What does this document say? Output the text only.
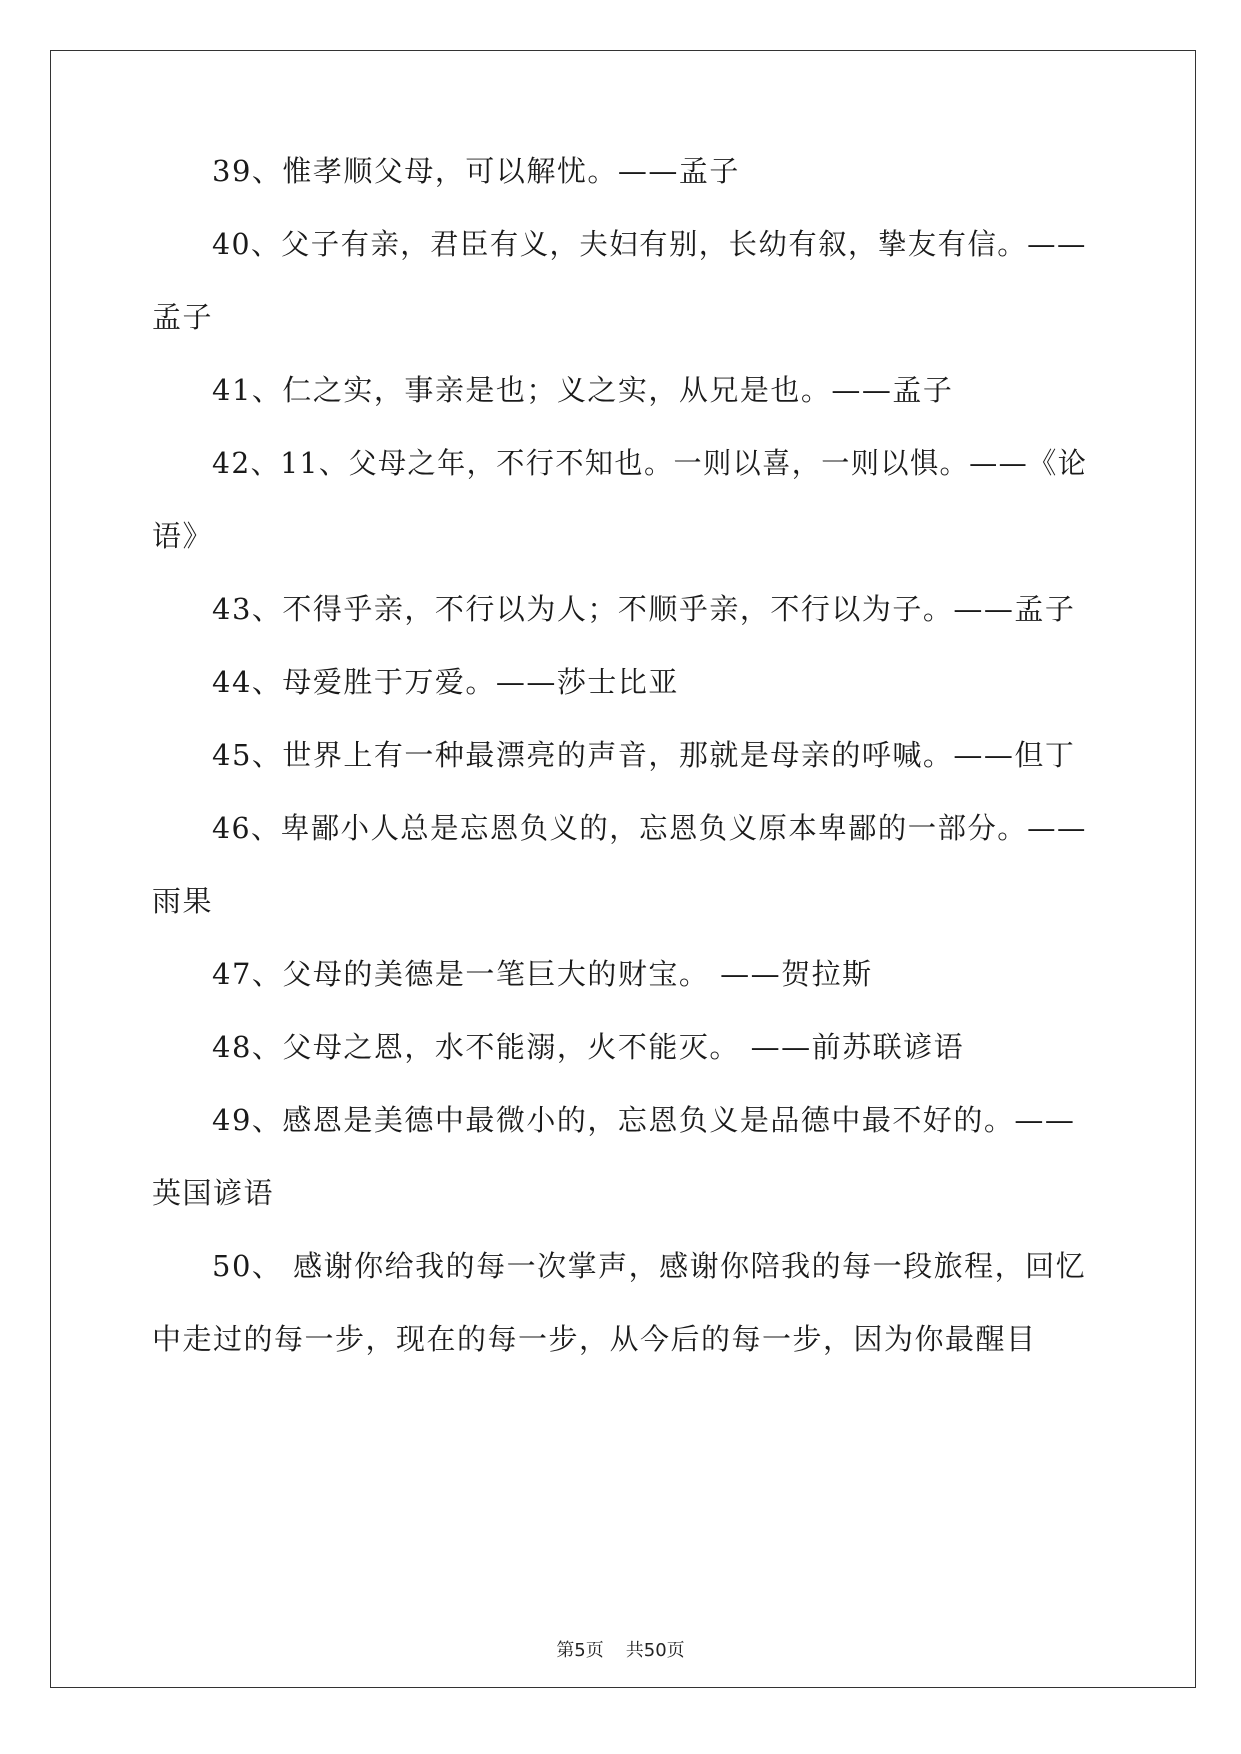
39、惟孝顺父母，可以解忧。——孟子
40、父子有亲，君臣有义，夫妇有别，长幼有叙，挚友有信。——
孟子
41、仁之实，事亲是也；义之实，从兄是也。——孟子
42、11、父母之年，不行不知也。一则以喜，一则以惧。——《论
语》
43、不得乎亲，不行以为人；不顺乎亲，不行以为子。——孟子
44、母爱胜于万爱。——莎士比亚
45、世界上有一种最漂亮的声音，那就是母亲的呼喊。——但丁
46、卑鄙小人总是忘恩负义的，忘恩负义原本卑鄙的一部分。——
雨果
47、父母的美德是一笔巨大的财宝。 ——贺拉斯
48、父母之恩，水不能溺，火不能灭。 ——前苏联谚语
49、感恩是美德中最微小的，忘恩负义是品德中最不好的。——
英国谚语
50、 感谢你给我的每一次掌声，感谢你陪我的每一段旅程，回忆
中走过的每一步，现在的每一步，从今后的每一步，因为你最醒目
第5页 共50页
